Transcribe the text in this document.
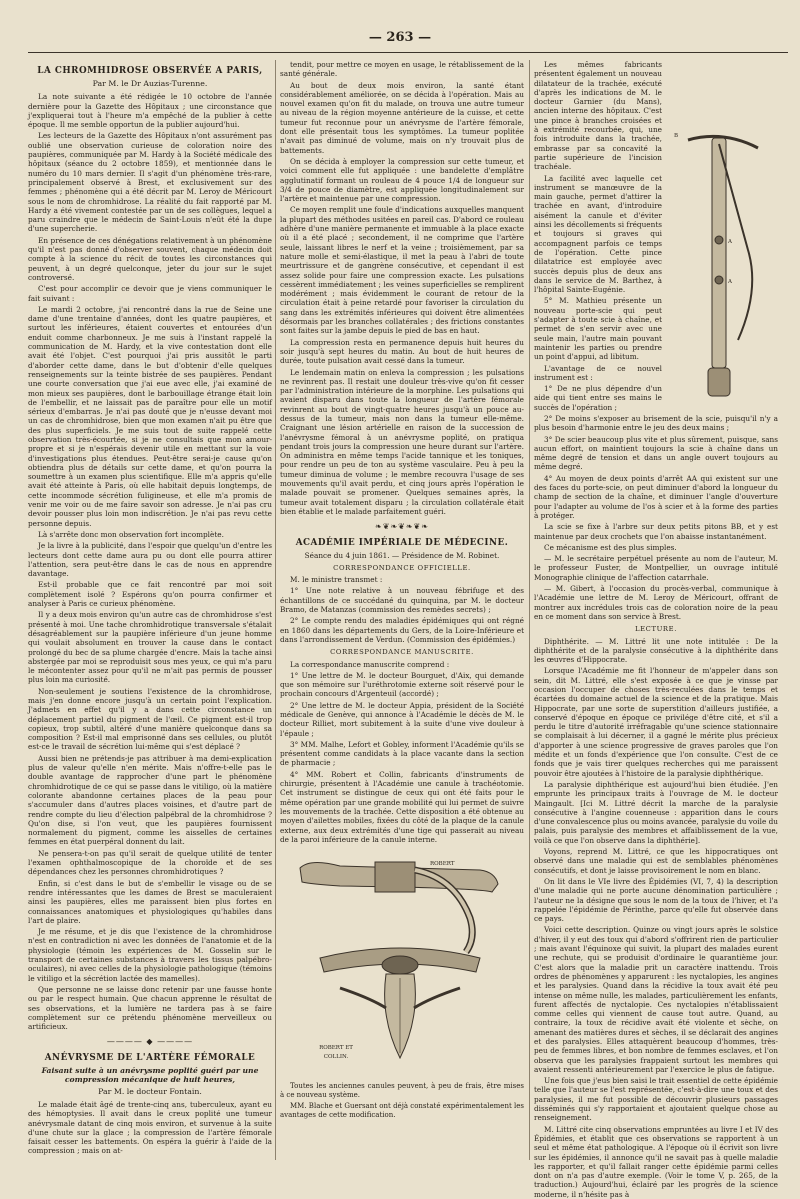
— 263 —
LA CHROMHIDROSE OBSERVÉE A PARIS,
Par M. le Dr Auzias-Turenne.

La note suivante a été rédigée le 10 octobre de l'année dernière pour la Gazette des Hôpitaux ; une circonstance que j'expliquerai tout à l'heure m'a empêché de la publier à cette époque. Il me semble opportun de la publier aujourd'hui.

Les lecteurs de la Gazette des Hôpitaux n'ont assurément pas oublié une observation curieuse de coloration noire des paupières, communiquée par M. Hardy à la Société médicale des hôpitaux (séance du 2 octobre 1859), et mentionnée dans le numéro du 10 mars dernier. Il s'agit d'un phénomène très-rare, principalement observé à Brest, et exclusivement sur des femmes ; phénomène qui a été décrit par M. Leroy de Méricourt sous le nom de chromhidrose. La réalité du fait rapporté par M. Hardy a été vivement contestée par un de ses collègues, lequel a paru craindre que le médecin de Saint-Louis n'eût été la dupe d'une supercherie.

En présence de ces dénégations relativement à un phénomène qu'il n'est pas donné d'observer souvent, chaque médecin doit compte à la science du récit de toutes les circonstances qui peuvent, à un degré quelconque, jeter du jour sur le sujet controversé.

C'est pour accomplir ce devoir que je viens communiquer le fait suivant :

Le mardi 2 octobre, j'ai rencontré dans la rue de Seine une dame d'une trentaine d'années, dont les quatre paupières, et surtout les inférieures, étaient couvertes et entourées d'un enduit comme charbonneux. Je me suis à l'instant rappelé la communication de M. Hardy, et la vive contestation dont elle avait été l'objet. C'est pourquoi j'ai pris aussitôt le parti d'aborder cette dame, dans le but d'obtenir d'elle quelques renseignements sur la teinte bistrée de ses paupières. Pendant une courte conversation que j'ai eue avec elle, j'ai examiné de mon mieux ses paupières, dont le barbouillage étrange était loin de l'embellir, et ne laissait pas de paraître pour elle un motif sérieux d'embarras. Je n'ai pas douté que je n'eusse devant moi un cas de chromhidrose, bien que mon examen n'ait pu être que des plus superficiels. Je me suis tout de suite rappelé cette observation très-écourtée, si je ne consultais que mon amour-propre et si je n'espérais devenir utile en mettant sur la voie d'investigations plus étendues. Peut-être serai-je cause qu'on obtiendra plus de détails sur cette dame, et qu'on pourra la soumettre à un examen plus scientifique. Elle m'a appris qu'elle avait été atteinte à Paris, où elle habitait depuis longtemps, de cette incommode sécrétion fuligineuse, et elle m'a promis de venir me voir ou de me faire savoir son adresse. Je n'ai pas cru devoir pousser plus loin mon indiscrétion. Je n'ai pas revu cette personne depuis.

Là s'arrête donc mon observation fort incomplète.

Je la livre à la publicité, dans l'espoir que quelqu'un d'entre les lecteurs dont cette dame aura pu ou dont elle pourra attirer l'attention, sera peut-être dans le cas de nous en apprendre davantage.

Est-il probable que ce fait rencontré par moi soit complètement isolé ? Espérons qu'on pourra confirmer et analyser à Paris ce curieux phénomène.

Il y a deux mois environ qu'un autre cas de chromhidrose s'est présenté à moi. Une tache chromhidrotique transversale s'étalait désagréablement sur la paupière inférieure d'un jeune homme qui voulait absolument en trouver la cause dans le contact prolongé du bec de sa plume chargée d'encre. Mais la tache ainsi abstergée par moi se reproduisit sous mes yeux, ce qui m'a paru le mécontenter assez pour qu'il ne m'ait pas permis de pousser plus loin ma curiosité.

Non-seulement je soutiens l'existence de la chromhidrose, mais j'en donne encore jusqu'à un certain point l'explication. J'admets en effet qu'il y a dans cette circonstance un déplacement partiel du pigment de l'œil. Ce pigment est-il trop copieux, trop subtil, altéré d'une manière quelconque dans sa composition ? Est-il mal emprisonné dans ses cellules, ou plutôt est-ce le travail de sécrétion lui-même qui s'est déplacé ?

Aussi bien ne prétends-je pas attribuer à ma demi-explication plus de valeur qu'elle n'en mérite. Mais n'offre-t-elle pas le double avantage de rapprocher d'une part le phénomène chromhidrotique de ce qui se passe dans le vitiligo, où la matière colorante abandonne certaines places de la peau pour s'accumuler dans d'autres places voisines, et d'autre part de rendre compte du lieu d'élection palpébral de la chromhidrose ? Qu'on dise, si l'on veut, que les paupières fournissent normalement du pigment, comme les aisselles de certaines femmes en état puerpéral donnent du lait.

Ne pensera-t-on pas qu'il serait de quelque utilité de tenter l'examen ophthalmoscopique de la choroïde et de ses dépendances chez les personnes chromhidrotiques ?

Enfin, si c'est dans le but de s'embellir le visage ou de se rendre intéressantes que les dames de Brest se maculeraient ainsi les paupières, elles me paraissent bien plus fortes en connaissances anatomiques et physiologiques qu'habiles dans l'art de plaire.

Je me résume, et je dis que l'existence de la chromhidrose n'est en contradiction ni avec les données de l'anatomie et de la physiologie (témoin les expériences de M. Gosselin sur le transport de certaines substances à travers les tissus palpébro-oculaires), ni avec celles de la physiologie pathologique (témoins le vitiligo et la sécrétion lactée des mamelles).

Que personne ne se laisse donc retenir par une fausse honte ou par le respect humain. Que chacun apprenne le résultat de ses observations, et la lumière ne tardera pas à se faire complètement sur ce prétendu phénomène merveilleux ou artificieux.

———— ◆ ————
ANÉVRYSME DE L'ARTÈRE FÉMORALE
Faisant suite à un anévrysme poplité guéri par une compression mécanique de huit heures,
Par M. le docteur Fontain.

Le malade était âgé de trente-cinq ans, tuberculeux, ayant eu des hémoptysies. Il avait dans le creux poplité une tumeur anévrysmale datant de cinq mois environ, et survenue à la suite d'une chute sur la glace ; la compression de l'artère fémorale faisait cesser les battements. On espéra la guérir à l'aide de la compression ; mais on at-

tendit, pour mettre ce moyen en usage, le rétablissement de la santé générale.

Au bout de deux mois environ, la santé étant considérablement améliorée, on se décida à l'opération. Mais au nouvel examen qu'on fit du malade, on trouva une autre tumeur au niveau de la région moyenne antérieure de la cuisse, et cette tumeur fut reconnue pour un anévrysme de l'artère fémorale, dont elle présentait tous les symptômes. La tumeur poplitée n'avait pas diminué de volume, mais on n'y trouvait plus de battements.

On se décida à employer la compression sur cette tumeur, et voici comment elle fut appliquée : une bandelette d'emplâtre agglutinatif formant un rouleau de 4 pouce 1/4 de longueur sur 3/4 de pouce de diamètre, est appliquée longitudinalement sur l'artère et maintenue par une compression.

Ce moyen remplit une foule d'indications auxquelles manquent la plupart des méthodes usitées en pareil cas. D'abord ce rouleau adhère d'une manière permanente et immuable à la place exacte où il a été placé ; secondement, il ne comprime que l'artère seule, laissant libres le nerf et la veine ; troisièmement, par sa nature molle et semi-élastique, il met la peau à l'abri de toute meurtrissure et de gangrène consécutive, et cependant il est assez solide pour faire une compression exacte. Les pulsations cessèrent immédiatement ; les veines superficielles se remplirent modérément ; mais évidemment le courant de retour de la circulation était à peine retardé pour favoriser la circulation du sang dans les extrémités inférieures qui doivent être alimentées désormais par les branches collatérales ; des frictions constantes sont faites sur la jambe depuis le pied de bas en haut.

La compression resta en permanence depuis huit heures du soir jusqu'à sept heures du matin. Au bout de huit heures de durée, toute pulsation avait cessé dans la tumeur.

Le lendemain matin on enleva la compression ; les pulsations ne revinrent pas. Il restait une douleur très-vive qu'on fit cesser par l'administration intérieure de la morphine. Les pulsations qui avaient disparu dans toute la longueur de l'artère fémorale revinrent au bout de vingt-quatre heures jusqu'à un pouce au-dessus de la tumeur, mais non dans la tumeur elle-même. Craignant une lésion artérielle en raison de la succession de l'anévrysme fémoral à un anévrysme poplité, on pratiqua pendant trois jours la compression une heure durant sur l'artère. On administra en même temps l'acide tannique et les toniques, pour rendre un peu de ton au système vasculaire. Peu à peu la tumeur diminua de volume ; le membre recouvra l'usage de ses mouvements qu'il avait perdu, et cinq jours après l'opération le malade pouvait se promener. Quelques semaines après, la tumeur avait totalement disparu ; la circulation collatérale était bien établie et le malade parfaitement guéri.

❧❦❧❦❧❦❧
ACADÉMIE IMPÉRIALE DE MÉDECINE.
Séance du 4 juin 1861. — Présidence de M. Robinet.
CORRESPONDANCE OFFICIELLE.

M. le ministre transmet :

1° Une note relative à un nouveau fébrifuge et des échantillons de ce succédané du quinquina, par M. le docteur Bramo, de Matanzas (commission des remèdes secrets) ;

2° Le compte rendu des maladies épidémiques qui ont régné en 1860 dans les départements du Gers, de la Loire-Inférieure et dans l'arrondissement de Verdun. (Commission des épidémies.)

CORRESPONDANCE MANUSCRITE.

La correspondance manuscrite comprend :

1° Une lettre de M. le docteur Bourguet, d'Aix, qui demande que son mémoire sur l'uréthrotomie externe soit réservé pour le prochain concours d'Argenteuil (accordé) ;

2° Une lettre de M. le docteur Appia, président de la Société médicale de Genève, qui annonce à l'Académie le décès de M. le docteur Rilliet, mort subitement à la suite d'une vive douleur à l'épaule ;

3° MM. Malhe, Lefort et Gobley, informent l'Académie qu'ils se présentent comme candidats à la place vacante dans la section de pharmacie ;

4° MM. Robert et Collin, fabricants d'instruments de chirurgie, présentent à l'Académie une canule à trachéotomie. Cet instrument se distingue de ceux qui ont été faits pour le même opération par une grande mobilité qui lui permet de suivre les mouvements de la trachée. Cette disposition a été obtenue au moyen d'ailettes mobiles, fixées du côté de la plaque de la canule externe, aux deux extrémités d'une tige qui passerait au niveau de la paroi inférieure de la canule interne.

ROBERT
ROBERT ET COLLIN.

Toutes les anciennes canules peuvent, à peu de frais, être mises à ce nouveau système.

MM. Blache et Guersant ont déjà constaté expérimentalement les avantages de cette modification.

B
A
A

Les mêmes fabricants présentent également un nouveau dilatateur de la trachée, exécuté d'après les indications de M. le docteur Garnier (du Mans), ancien interne des hôpitaux. C'est une pince à branches croisées et à extrémité recourbée, qui, une fois introduite dans la trachée, embrasse par sa concavité la partie supérieure de l'incision trachéale.

La facilité avec laquelle cet instrument se manœuvre de la main gauche, permet d'attirer la trachée en avant, d'introduire aisément la canule et d'éviter ainsi les décollements si fréquents et toujours si graves qui accompagnent parfois ce temps de l'opération. Cette pince dilatatrice est employée avec succès depuis plus de deux ans dans le service de M. Barthez, à l'hôpital Sainte-Eugénie.

5° M. Mathieu présente un nouveau porte-scie qui peut s'adapter à toute scie à chaîne, et permet de s'en servir avec une seule main, l'autre main pouvant maintenir les parties ou prendre un point d'appui, ad libitum.

L'avantage de ce nouvel instrument est :

1° De ne plus dépendre d'un aide qui tient entre ses mains le succès de l'opération ;

2° De moins s'exposer au brisement de la scie, puisqu'il n'y a plus besoin d'harmonie entre le jeu des deux mains ;

3° De scier beaucoup plus vite et plus sûrement, puisque, sans aucun effort, on maintient toujours la scie à chaîne dans un même degré de tension et dans un angle ouvert toujours au même degré.

4° Au moyen de deux points d'arrêt AA qui existent sur une des faces du porte-scie, on peut diminuer d'abord la longueur du champ de section de la chaîne, et diminuer l'angle d'ouverture pour l'adapter au volume de l'os à scier et à la forme des parties à protéger.

La scie se fixe à l'arbre sur deux petits pitons BB, et y est maintenue par deux crochets que l'on abaisse instantanément.

Ce mécanisme est des plus simples.

— M. le secrétaire perpétuel présente au nom de l'auteur, M. le professeur Fuster, de Montpellier, un ouvrage intitulé Monographie clinique de l'affection catarrhale.

— M. Gibert, à l'occasion du procès-verbal, communique à l'Académie une lettre de M. Leroy de Méricourt, offrant de montrer aux incrédules trois cas de coloration noire de la peau en ce moment dans son service à Brest.

LECTURE.

Diphthérite. — M. Littré lit une note intitulée : De la diphthérite et de la paralysie consécutive à la diphthérite dans les œuvres d'Hippocrate.

Lorsque l'Académie me fit l'honneur de m'appeler dans son sein, dit M. Littré, elle s'est exposée à ce que je vinsse par occasion l'occuper de choses très-reculées dans le temps et écartées du domaine actuel de la science et de la pratique. Mais Hippocrate, par une sorte de superstition d'ailleurs justifiée, a conservé d'époque en époque ce privilége d'être cité, et s'il a perdu le titre d'autorité irréfragable qu'une science stationnaire se complaisait à lui décerner, il a gagné le mérite plus précieux d'apporter à une science progressive de graves paroles que l'on médite et un fonds d'expérience que l'on consulte. C'est de ce fonds que je vais tirer quelques recherches qui me paraissent pouvoir être ajoutées à l'histoire de la paralysie diphthérique.

La paralysie diphthérique est aujourd'hui bien étudiée. J'en emprunte les principaux traits à l'ouvrage de M. le docteur Maingault. [Ici M. Littré décrit la marche de la paralysie consécutive à l'angine couenneuse : apparition dans le cours d'une convalescence plus ou moins avancée, paralysie du voile du palais, puis paralysie des membres et affaiblissement de la vue, voilà ce que l'on observe dans la diphthérie].

Voyons, reprend M. Littré, ce que les hippocratiques ont observé dans une maladie qui est de semblables phénomènes consécutifs, et dont je laisse provisoirement le nom en blanc.

On lit dans le VIe livre des Épidémies (VI, 7, 4) la description d'une maladie qui ne porte aucune dénomination particulière ; l'auteur ne la désigne que sous le nom de la toux de l'hiver, et l'a rappelée l'épidémie de Périnthe, parce qu'elle fut observée dans ce pays.

Voici cette description. Quinze ou vingt jours après le solstice d'hiver, il y eut des toux qui d'abord s'offrirent rien de particulier ; mais avant l'équinoxe qui suivit, la plupart des malades eurent une rechute, qui se produisit d'ordinaire le quarantième jour. C'est alors que la maladie prit un caractère inattendu. Trois ordres de phénomènes y apparurent : les nyctalopies, les angines et les paralysies. Quand dans la récidive la toux avait été peu intense on même nulle, les malades, particulièrement les enfants, furent affectés de nyctalopie. Ces nyctalopies n'établissaient comme celles qui viennent de cause tout autre. Quand, au contraire, la toux de récidive avait été violente et sèche, on amenant des matières dures et sèches, il se déclarait des angines et des paralysies. Elles attaquèrent beaucoup d'hommes, très-peu de femmes libres, et bon nombre de femmes esclaves, et l'on observa que les paralysies frappaient surtout les membres qui avaient ressenti antérieurement par l'exercice le plus de fatigue.

Une fois que j'eus bien saisi le trait essentiel de cette épidémie telle que l'auteur se l'est représentée, c'est-à-dire une toux et des paralysies, il me fut possible de découvrir plusieurs passages disséminés qui s'y rapportaient et ajoutaient quelque chose au renseignement.

M. Littré cite cinq observations empruntées au livre I et IV des Épidémies, et établit que ces observations se rapportent à un seul et même état pathologique. A l'époque où il écrivit son livre sur les épidémies, il annonce qu'il ne savait pas à quelle maladie les rapporter, et qu'il fallait ranger cette épidémie parmi celles dont on n'a pas d'autre exemple. (Voir le tome V, p. 265, de la traduction.) Aujourd'hui, éclairé par les progrès de la science moderne, il n'hésite pas à
